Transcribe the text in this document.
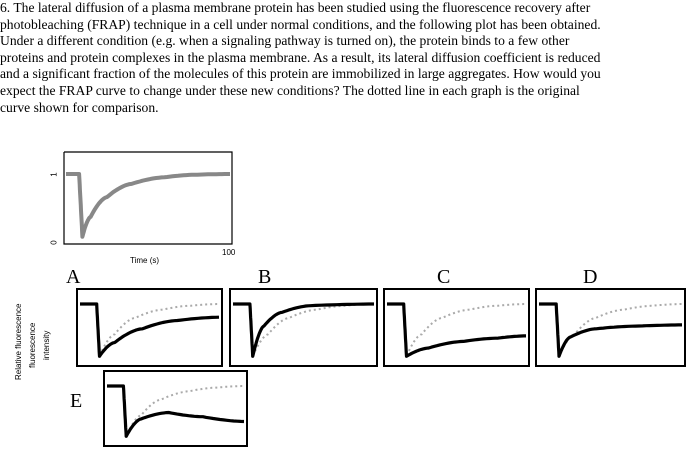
6. The lateral diffusion of a plasma membrane protein has been studied using the fluorescence recovery after
photobleaching (FRAP) technique in a cell under normal conditions, and the following plot has been obtained.
Under a different condition (e.g. when a signaling pathway is turned on), the protein binds to a few other
proteins and protein complexes in the plasma membrane. As a result, its lateral diffusion coefficient is reduced
and a significant fraction of the molecules of this protein are immobilized in large aggregates. How would you
expect the FRAP curve to change under these new conditions? The dotted line in each graph is the original
curve shown for comparison.
Relative fluorescence fluorescence intensity
1
0
100
Time (s)
A	B	C	D
E
